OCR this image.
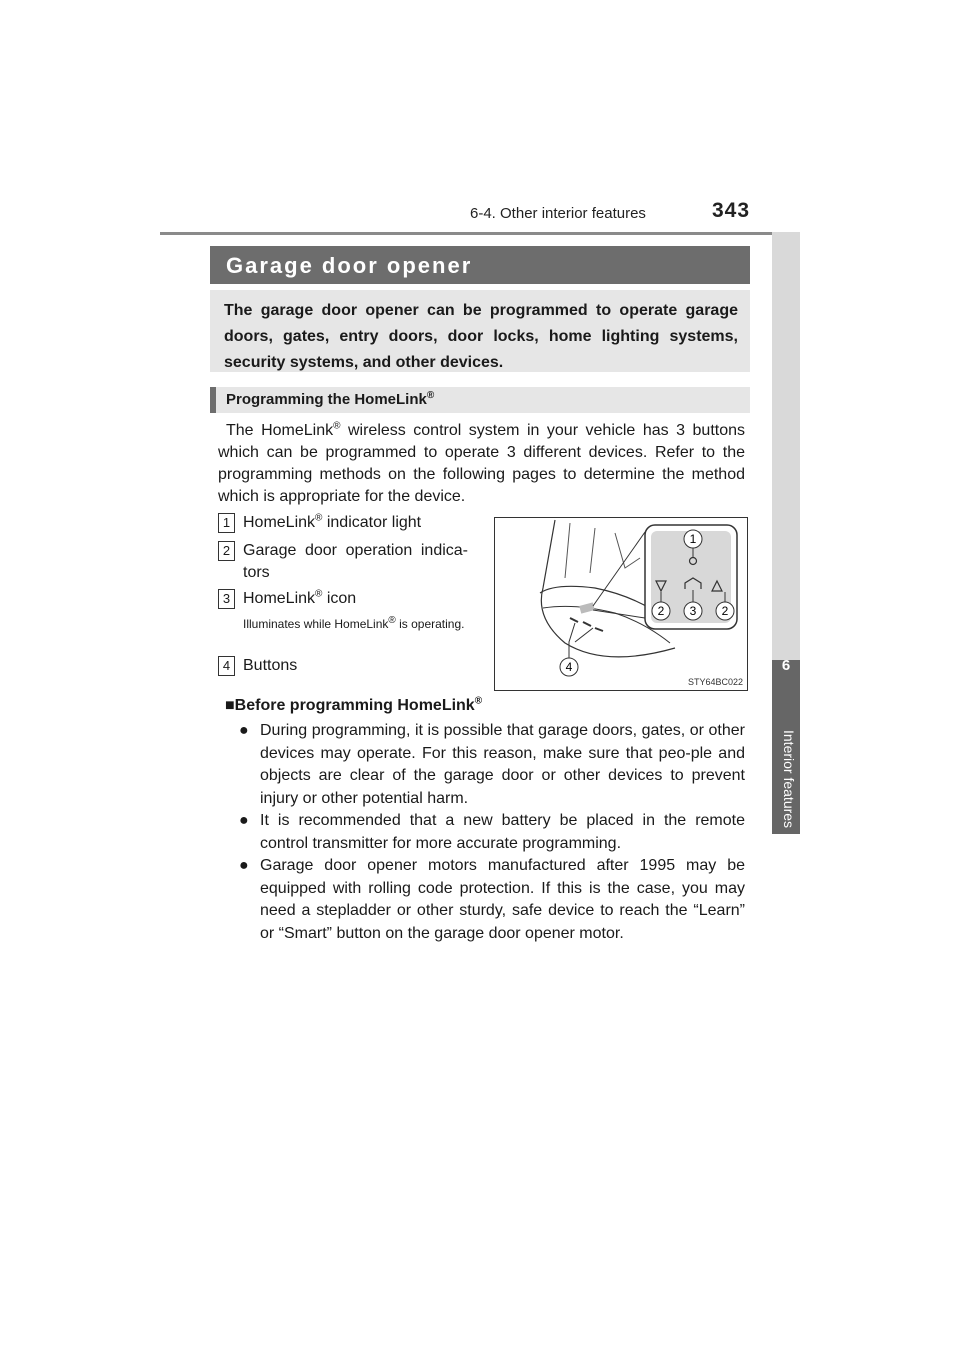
6-4. Other interior features	343
6
Interior features
Garage door opener
The garage door opener can be programmed to operate garage doors, gates, entry doors, door locks, home lighting systems, security systems, and other devices.
Programming the HomeLink®
The HomeLink® wireless control system in your vehicle has 3 buttons which can be programmed to operate 3 different devices. Refer to the programming methods on the following pages to determine the method which is appropriate for the device.
1 HomeLink® indicator light
2 Garage door operation indica-tors
3 HomeLink® icon
Illuminates while HomeLink® is operating.
4 Buttons
1
2 3 2
4
STY64BC022
■Before programming HomeLink®
● During programming, it is possible that garage doors, gates, or other devices may operate. For this reason, make sure that peo-ple and objects are clear of the garage door or other devices to prevent injury or other potential harm.
● It is recommended that a new battery be placed in the remote control transmitter for more accurate programming.
● Garage door opener motors manufactured after 1995 may be equipped with rolling code protection. If this is the case, you may need a stepladder or other sturdy, safe device to reach the “Learn” or “Smart” button on the garage door opener motor.
